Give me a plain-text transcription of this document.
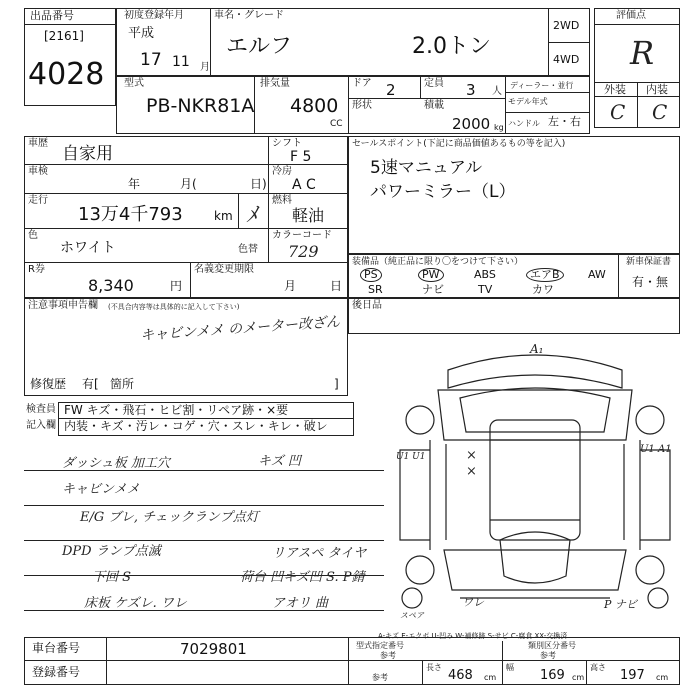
出品番号
[2161]
4028
初度登録年月
平成
17 11 月
車名・グレード
エルフ	2.0トン
2WD
4WD
評価点
R
外装 内装
C C
型式
PB-NKR81A
排気量
4800
CC
ドア 2	定員 3 人
ディーラー・並行
形状	積載
2000 kg
モデル年式
ハンドル 左・右
車歴
自家用
シフト
F 5
車検
年	月(	日)
冷房
A C
走行
13万4千793	km ﾒ
燃料
軽油
色
ホワイト	色替
カラーコード
729
R券
8,340	円
名義変更期限
月	日
セールスポイント(下記に商品価値あるもの等を記入)
5速マニュアル
パワーミラー（L）
装備品（純正品に限り〇をつけて下さい）
PS	PW	ABS	エアB	AW
SR	ナビ	TV	カワ
新車保証書
有・無
後日品
注意事項申告欄 (不具合内容等は具体的に記入して下さい)
キャビンメメ のメーター改ざん
修復歴 有[ 箇所	]
検査員
記入欄
FW キズ・飛石・ヒビ割・リペア跡・×要
内装・キズ・汚レ・コゲ・穴・スレ・キレ・破レ
ダッシュ板 加工穴	キズ 凹
キャビンメメ
E/G ブレ, チェックランプ点灯
DPD ランプ点滅	リアスペ タイヤ
下回 S	荷台 凹キズ凹 S. P錆
床板 ケズレ. ワレ	アオリ 曲
A₁
U1 U1
U1 A1
×
×
スペア
ワレ	P ナビ
A-キズ E-エクボ U-凹み W-補修跡 S-サビ C-腐食 XX-交換済
車台番号	7029801
登録番号
型式指定番号
参考
類別区分番号
参考
参考
長さ
468 cm
幅
169 cm
高さ
197 cm
